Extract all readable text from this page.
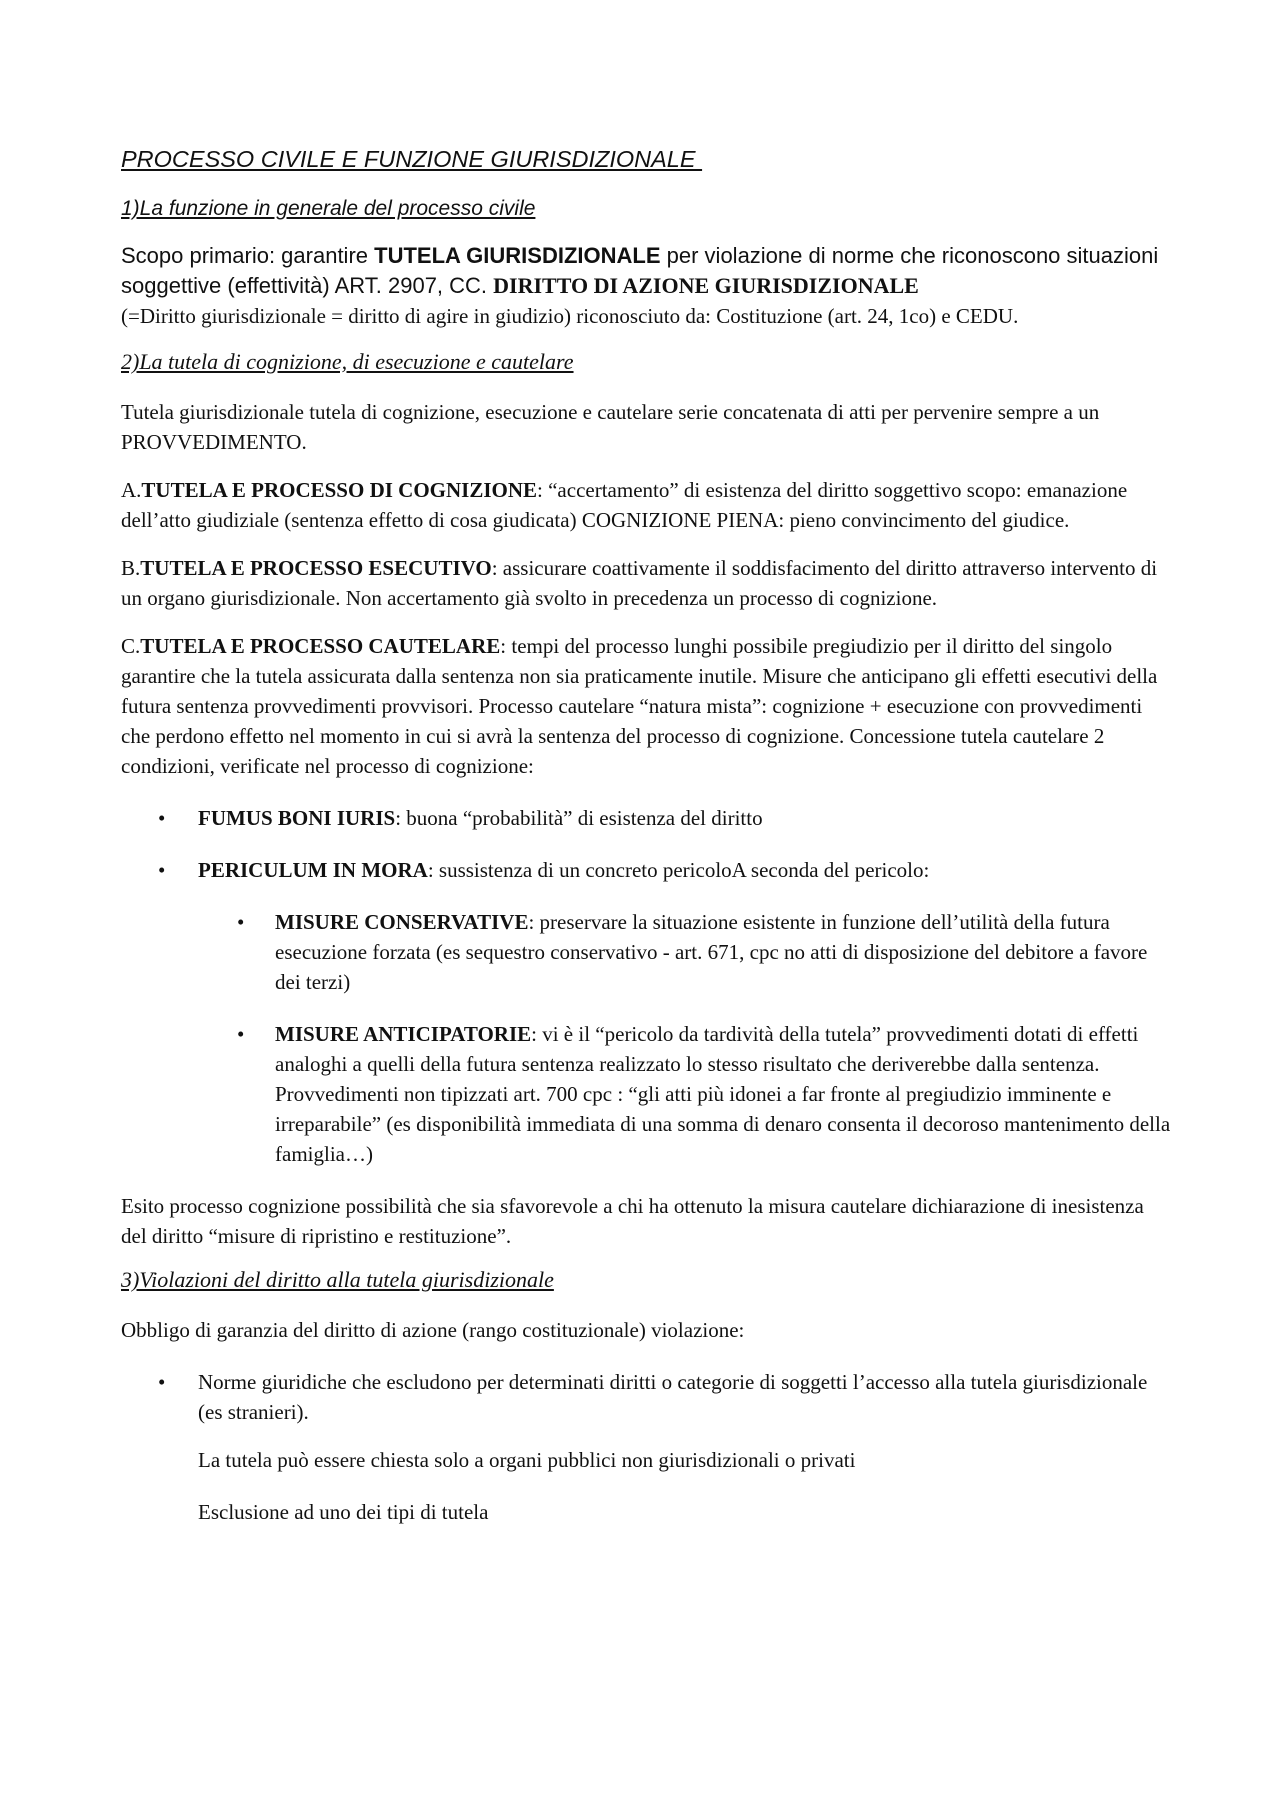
PROCESSO CIVILE E FUNZIONE GIURISDIZIONALE
1)La funzione in generale del processo civile

Scopo primario: garantire TUTELA GIURISDIZIONALE per violazione di norme che riconoscono situazioni soggettive (effettività) ART. 2907, CC. DIRITTO DI AZIONE GIURISDIZIONALE
(=Diritto giurisdizionale = diritto di agire in giudizio) riconosciuto da: Costituzione (art. 24, 1co) e CEDU.

2)La tutela di cognizione, di esecuzione e cautelare

Tutela giurisdizionale tutela di cognizione, esecuzione e cautelare serie concatenata di atti per pervenire sempre a un PROVVEDIMENTO.

A.TUTELA E PROCESSO DI COGNIZIONE: “accertamento” di esistenza del diritto soggettivo scopo: emanazione dell’atto giudiziale (sentenza effetto di cosa giudicata) COGNIZIONE PIENA: pieno convincimento del giudice.

B.TUTELA E PROCESSO ESECUTIVO: assicurare coattivamente il soddisfacimento del diritto attraverso intervento di un organo giurisdizionale. Non accertamento già svolto in precedenza un processo di cognizione.

C.TUTELA E PROCESSO CAUTELARE: tempi del processo lunghi possibile pregiudizio per il diritto del singolo garantire che la tutela assicurata dalla sentenza non sia praticamente inutile. Misure che anticipano gli effetti esecutivi della futura sentenza provvedimenti provvisori. Processo cautelare “natura mista”: cognizione + esecuzione con provvedimenti che perdono effetto nel momento in cui si avrà la sentenza del processo di cognizione. Concessione tutela cautelare 2 condizioni, verificate nel processo di cognizione:

• FUMUS BONI IURIS: buona “probabilità” di esistenza del diritto
• PERICULUM IN MORA: sussistenza di un concreto pericoloA seconda del pericolo:
• MISURE CONSERVATIVE: preservare la situazione esistente in funzione dell’utilità della futura esecuzione forzata (es sequestro conservativo - art. 671, cpc no atti di disposizione del debitore a favore dei terzi)
• MISURE ANTICIPATORIE: vi è il “pericolo da tardività della tutela” provvedimenti dotati di effetti analoghi a quelli della futura sentenza realizzato lo stesso risultato che deriverebbe dalla sentenza. Provvedimenti non tipizzati art. 700 cpc : “gli atti più idonei a far fronte al pregiudizio imminente e irreparabile” (es disponibilità immediata di una somma di denaro consenta il decoroso mantenimento della famiglia…)

Esito processo cognizione possibilità che sia sfavorevole a chi ha ottenuto la misura cautelare dichiarazione di inesistenza del diritto “misure di ripristino e restituzione”.

3)Violazioni del diritto alla tutela giurisdizionale

Obbligo di garanzia del diritto di azione (rango costituzionale) violazione:

• Norme giuridiche che escludono per determinati diritti o categorie di soggetti l’accesso alla tutela giurisdizionale (es stranieri).
La tutela può essere chiesta solo a organi pubblici non giurisdizionali o privati
Esclusione ad uno dei tipi di tutela
